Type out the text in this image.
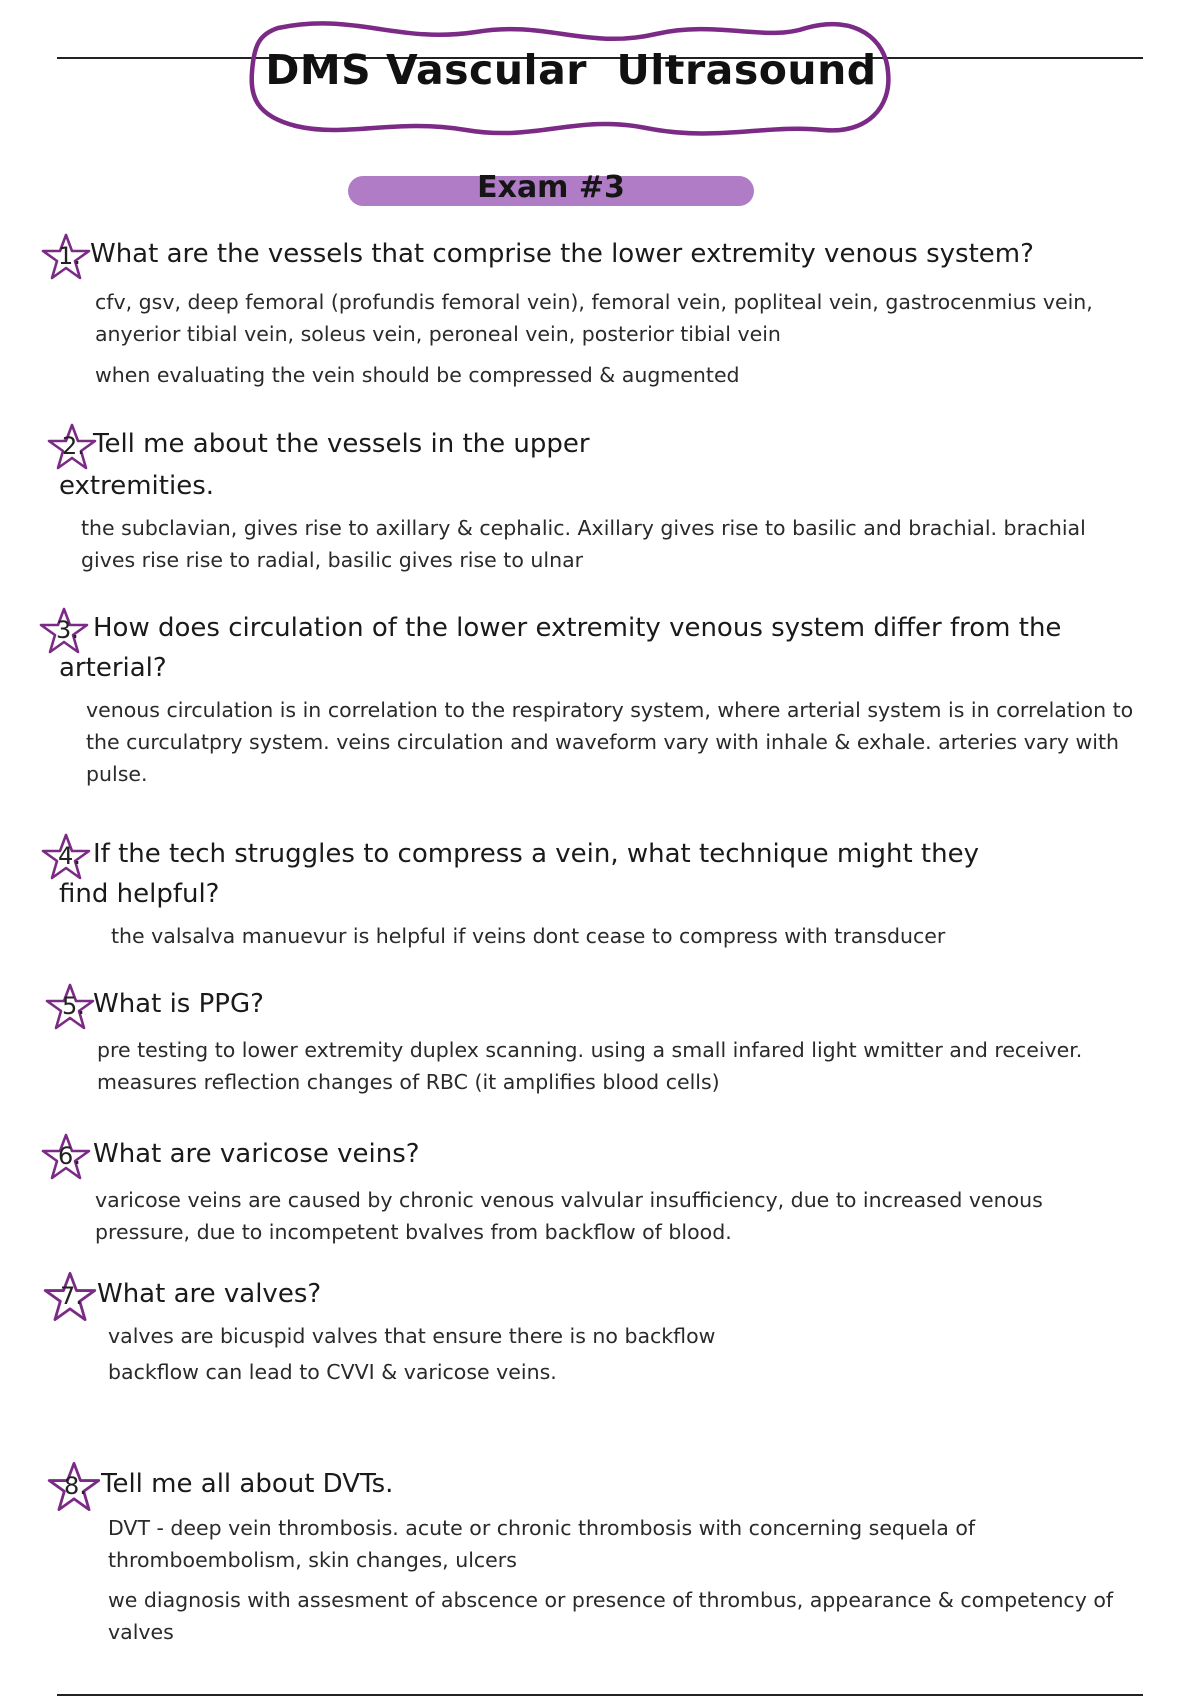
DMS Vascular  Ultrasound
Exam #3
1. What are the vessels that comprise the lower extremity venous system?

cfv, gsv, deep femoral (profundis femoral vein), femoral vein, popliteal vein, gastrocenmius vein, anyerior tibial vein, soleus vein, peroneal vein, posterior tibial vein

when evaluating the vein should be compressed & augmented

2. Tell me about the vessels in the upper

extremities.

the subclavian, gives rise to axillary & cephalic. Axillary gives rise to basilic and brachial. brachial gives rise rise to radial, basilic gives rise to ulnar

3. How does circulation of the lower extremity venous system differ from the

arterial?

venous circulation is in correlation to the respiratory system, where arterial system is in correlation to the curculatpry system. veins circulation and waveform vary with inhale & exhale. arteries vary with pulse.

4. If the tech struggles to compress a vein, what technique might they

find helpful?

the valsalva manuevur is helpful if veins dont cease to compress with transducer

5. What is PPG?

pre testing to lower extremity duplex scanning. using a small infared light wmitter and receiver. measures reflection changes of RBC (it amplifies blood cells)

6. What are varicose veins?

varicose veins are caused by chronic venous valvular insufficiency, due to increased venous pressure, due to incompetent bvalves from backflow of blood.

7. What are valves?

valves are bicuspid valves that ensure there is no backflow

backflow can lead to CVVI & varicose veins.

8. Tell me all about DVTs.

DVT - deep vein thrombosis. acute or chronic thrombosis with concerning sequela of thromboembolism, skin changes, ulcers

we diagnosis with assesment of abscence or presence of thrombus, appearance & competency of valves
